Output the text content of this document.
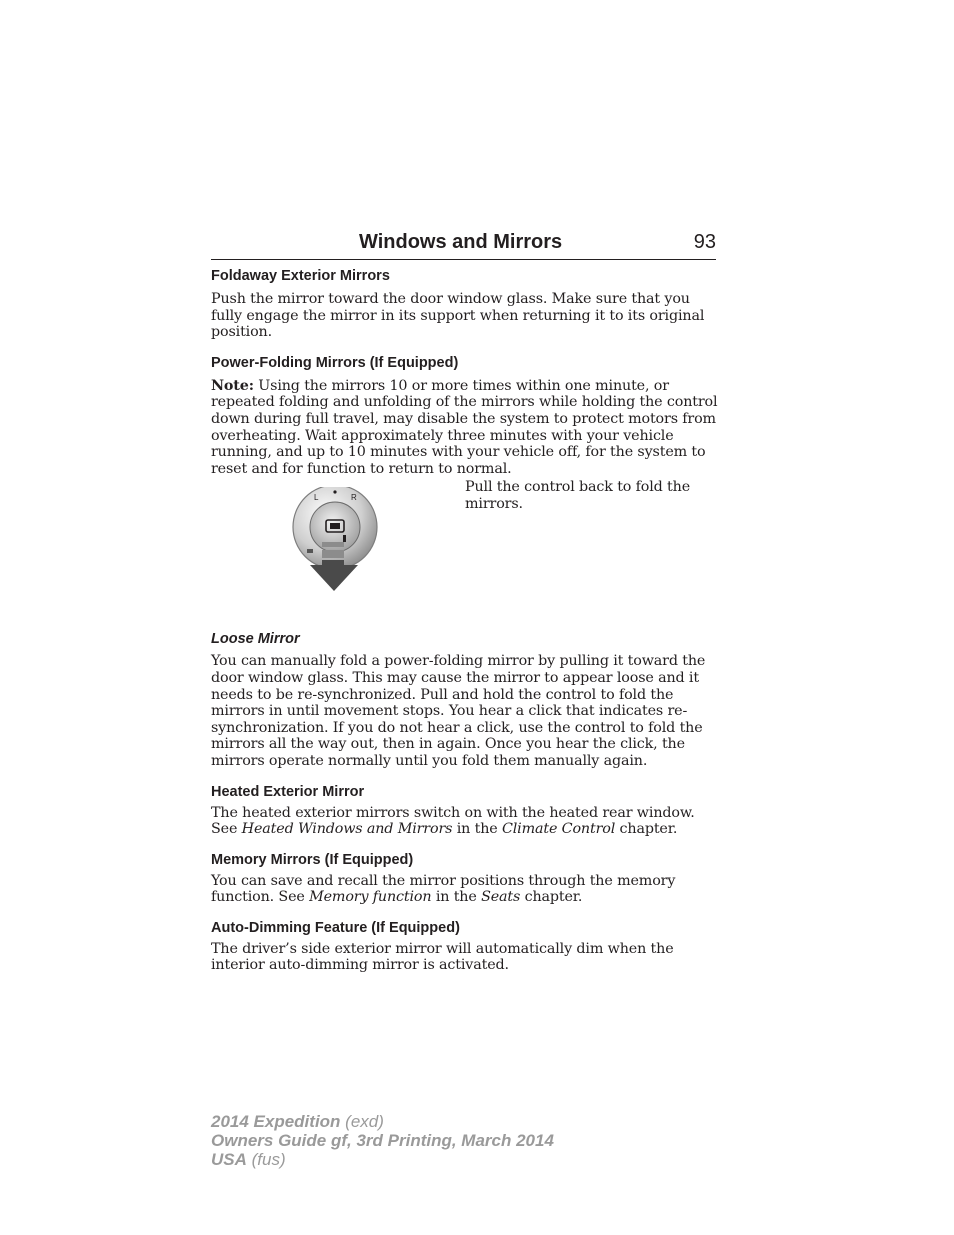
Windows and Mirrors	93
Foldaway Exterior Mirrors

Push the mirror toward the door window glass. Make sure that you fully engage the mirror in its support when returning it to its original position.

Power-Folding Mirrors (If Equipped)

Note: Using the mirrors 10 or more times within one minute, or repeated folding and unfolding of the mirrors while holding the control down during full travel, may disable the system to protect motors from overheating. Wait approximately three minutes with your vehicle running, and up to 10 minutes with your vehicle off, for the system to reset and for function to return to normal.

L	R

Pull the control back to fold the mirrors.

Loose Mirror

You can manually fold a power-folding mirror by pulling it toward the door window glass. This may cause the mirror to appear loose and it needs to be re-synchronized. Pull and hold the control to fold the mirrors in until movement stops. You hear a click that indicates re-synchronization. If you do not hear a click, use the control to fold the mirrors all the way out, then in again. Once you hear the click, the mirrors operate normally until you fold them manually again.

Heated Exterior Mirror

The heated exterior mirrors switch on with the heated rear window. See Heated Windows and Mirrors in the Climate Control chapter.

Memory Mirrors (If Equipped)

You can save and recall the mirror positions through the memory function. See Memory function in the Seats chapter.

Auto-Dimming Feature (If Equipped)

The driver’s side exterior mirror will automatically dim when the interior auto-dimming mirror is activated.

2014 Expedition (exd)
Owners Guide gf, 3rd Printing, March 2014
USA (fus)
